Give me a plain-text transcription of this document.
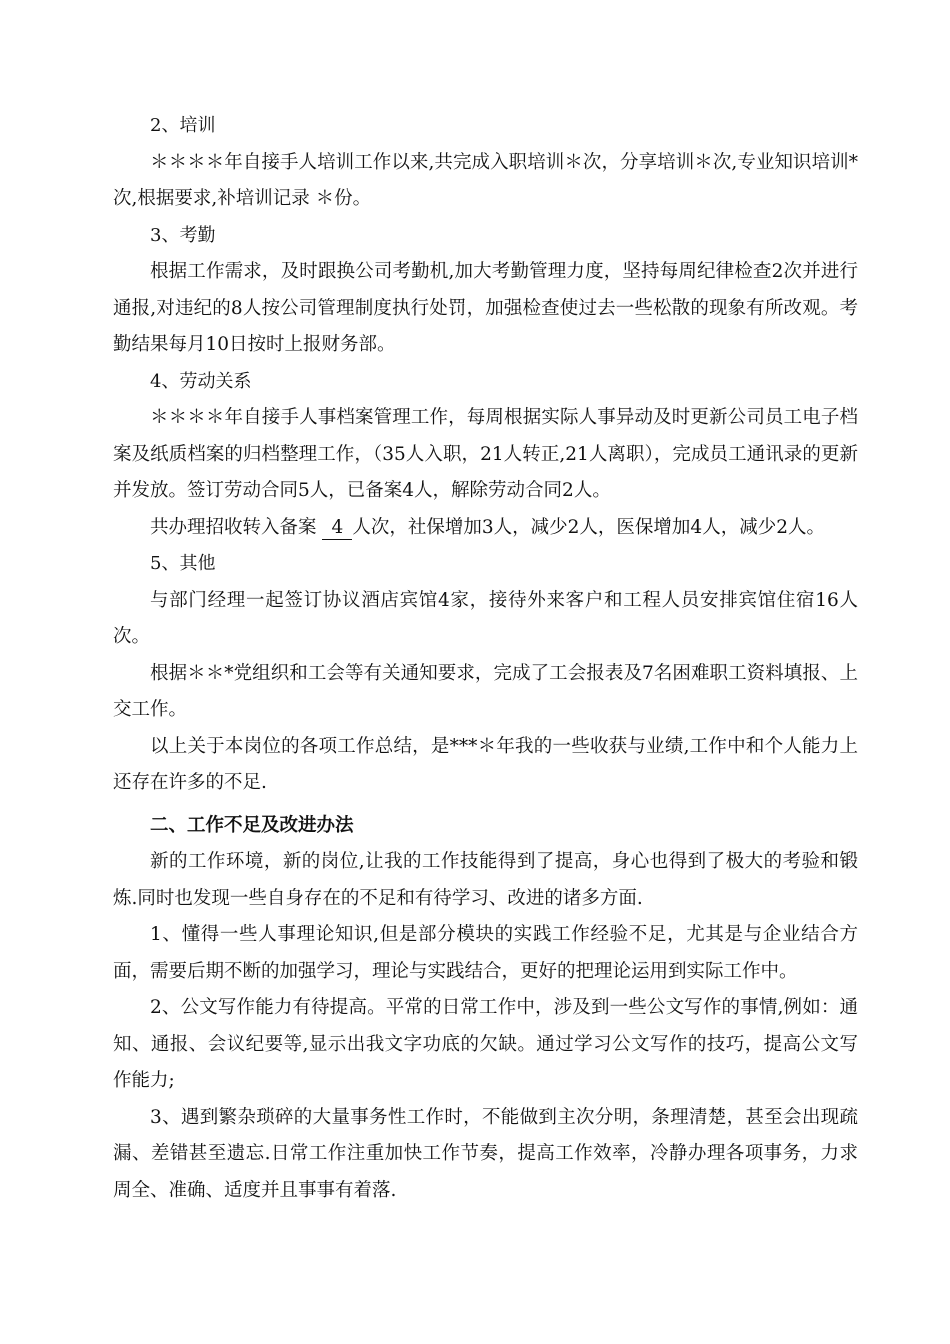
2、培训

＊＊＊＊年自接手人培训工作以来,共完成入职培训＊次，分享培训＊次,专业知识培训*次,根据要求,补培训记录 ＊份。

3、考勤

根据工作需求，及时跟换公司考勤机,加大考勤管理力度，坚持每周纪律检查2次并进行通报,对违纪的8人按公司管理制度执行处罚，加强检查使过去一些松散的现象有所改观。考勤结果每月10日按时上报财务部。

4、劳动关系

＊＊＊＊年自接手人事档案管理工作，每周根据实际人事异动及时更新公司员工电子档案及纸质档案的归档整理工作，（35人入职，21人转正,21人离职），完成员工通讯录的更新并发放。签订劳动合同5人，已备案4人，解除劳动合同2人。

共办理招收转入备案 4 人次，社保增加3人，减少2人，医保增加4人，减少2人。

5、其他

与部门经理一起签订协议酒店宾馆4家，接待外来客户和工程人员安排宾馆住宿16人次。

根据＊＊*党组织和工会等有关通知要求，完成了工会报表及7名困难职工资料填报、上交工作。

以上关于本岗位的各项工作总结，是***＊年我的一些收获与业绩,工作中和个人能力上还存在许多的不足.

二、工作不足及改进办法

新的工作环境，新的岗位,让我的工作技能得到了提高，身心也得到了极大的考验和锻炼.同时也发现一些自身存在的不足和有待学习、改进的诸多方面.

1、懂得一些人事理论知识,但是部分模块的实践工作经验不足，尤其是与企业结合方面，需要后期不断的加强学习，理论与实践结合，更好的把理论运用到实际工作中。

2、公文写作能力有待提高。平常的日常工作中，涉及到一些公文写作的事情,例如：通知、通报、会议纪要等,显示出我文字功底的欠缺。通过学习公文写作的技巧，提高公文写作能力;

3、遇到繁杂琐碎的大量事务性工作时，不能做到主次分明，条理清楚，甚至会出现疏漏、差错甚至遗忘.日常工作注重加快工作节奏，提高工作效率，冷静办理各项事务，力求周全、准确、适度并且事事有着落.
